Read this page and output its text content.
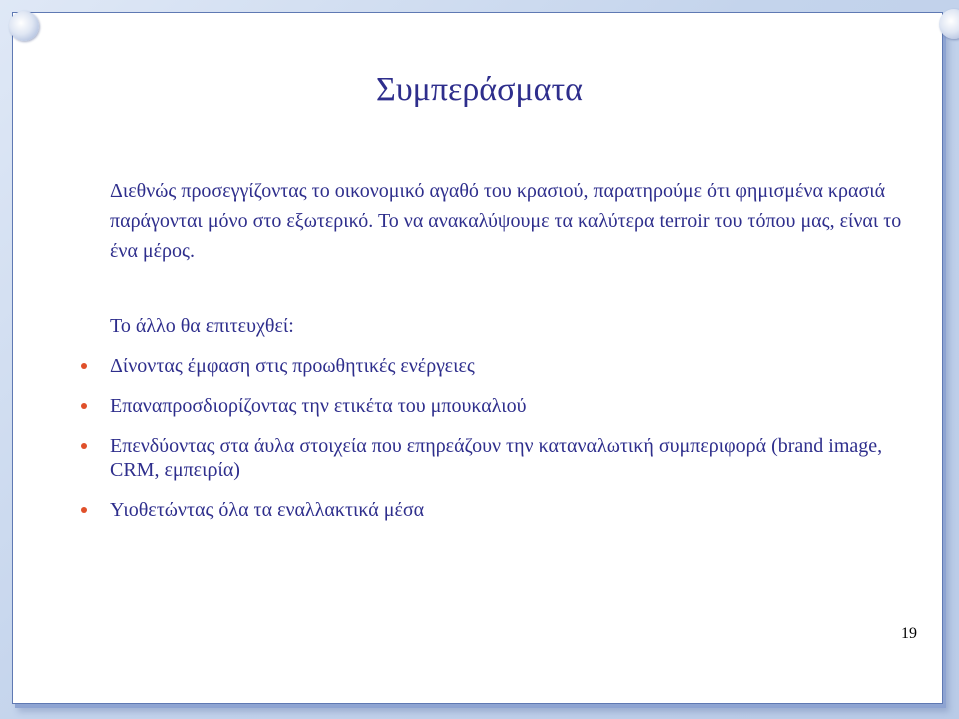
Συμπεράσματα
Διεθνώς προσεγγίζοντας το οικονομικό αγαθό του κρασιού, παρατηρούμε ότι φημισμένα κρασιά παράγονται μόνο στο εξωτερικό. Το να ανακαλύψουμε τα καλύτερα terroir του τόπου μας, είναι το ένα μέρος.
Το άλλο θα επιτευχθεί:
Δίνοντας έμφαση στις προωθητικές ενέργειες
Επαναπροσδιορίζοντας την ετικέτα του μπουκαλιού
Επενδύοντας στα άυλα στοιχεία που επηρεάζουν την καταναλωτική συμπεριφορά (brand image, CRM, εμπειρία)
Υιοθετώντας όλα τα εναλλακτικά μέσα
19
